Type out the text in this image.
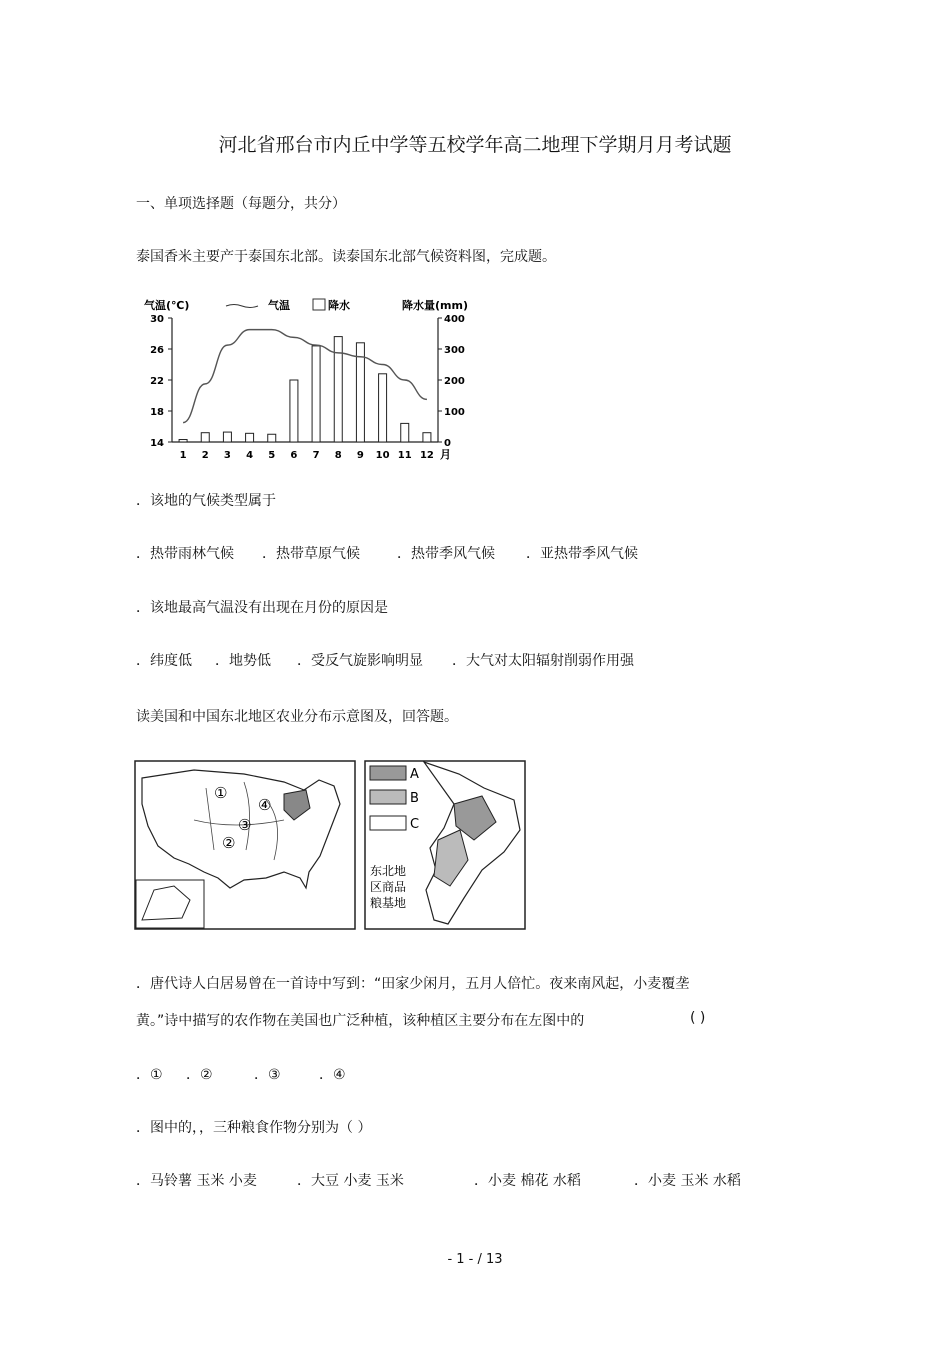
河北省邢台市内丘中学等五校学年高二地理下学期月月考试题
一、单项选择题（每题分，共分）
泰国香米主要产于泰国东北部。读泰国东北部气候资料图，完成题。
气温(℃)	气温	降水	降水量(mm)
14
18
22
26
30
0
100
200
300
400
1 2 3 4 5 6 7 8 9 10 11 12 月
．该地的气候类型属于
．热带雨林气候 ．热带草原气候	．热带季风气候 ．亚热带季风气候
．该地最高气温没有出现在月份的原因是
．纬度低 ．地势低 ．受反气旋影响明显 ．大气对太阳辐射削弱作用强
读美国和中国东北地区农业分布示意图及，回答题。
①
②
③
④
A
B
C
东北地
区商品
粮基地
．唐代诗人白居易曾在一首诗中写到：“田家少闲月，五月人倍忙。夜来南风起，小麦覆垄
黄。”诗中描写的农作物在美国也广泛种植，该种植区主要分布在左图中的	( )
．① ．②	．③	．④
．图中的，，三种粮食作物分别为（ ）
．马铃薯 玉米 小麦	．大豆 小麦 玉米	．小麦 棉花 水稻	．小麦 玉米 水稻
- 1 - / 13
